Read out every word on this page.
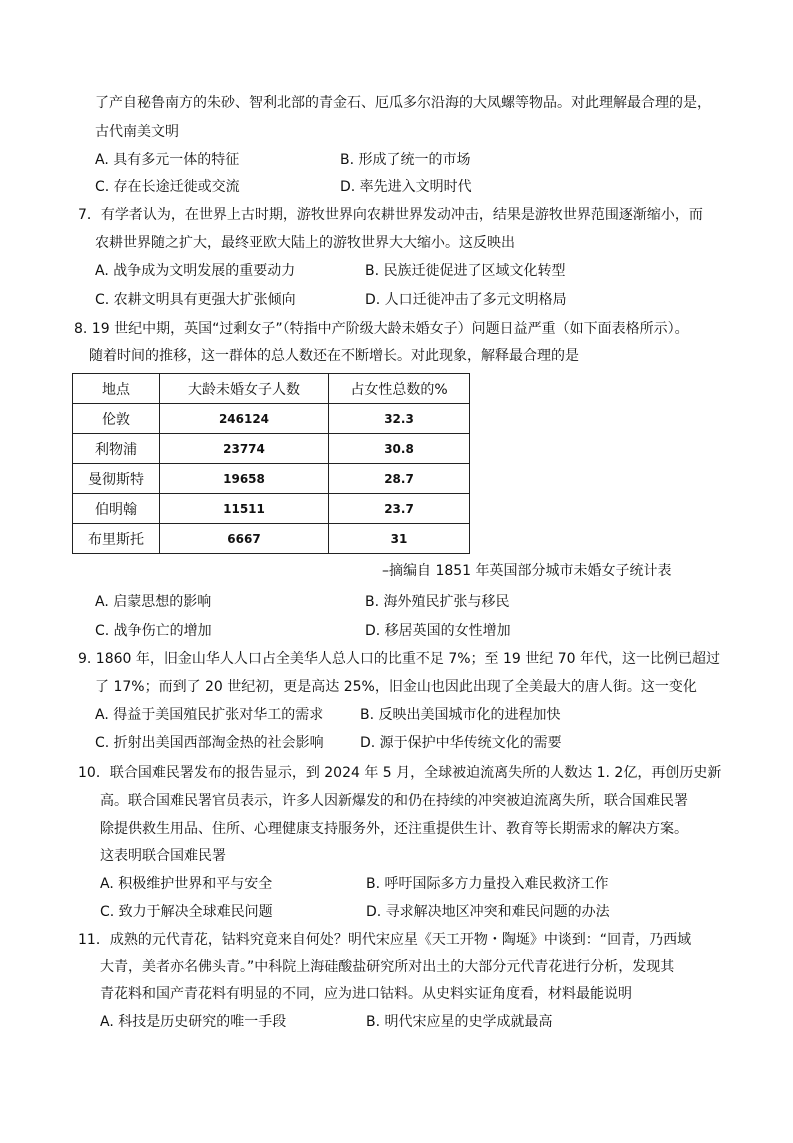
了产自秘鲁南方的朱砂、智利北部的青金石、厄瓜多尔沿海的大凤螺等物品。对此理解最合理的是，
古代南美文明
A. 具有多元一体的特征	B. 形成了统一的市场
C. 存在长途迁徙或交流	D. 率先进入文明时代
7．有学者认为，在世界上古时期，游牧世界向农耕世界发动冲击，结果是游牧世界范围逐渐缩小，而
农耕世界随之扩大，最终亚欧大陆上的游牧世界大大缩小。这反映出
A. 战争成为文明发展的重要动力	B. 民族迁徙促进了区域文化转型
C. 农耕文明具有更强大扩张倾向	D. 人口迁徙冲击了多元文明格局
8. 19 世纪中期，英国“过剩女子”（特指中产阶级大龄未婚女子）问题日益严重（如下面表格所示）。
随着时间的推移，这一群体的总人数还在不断增长。对此现象，解释最合理的是
地点	大龄未婚女子人数	占女性总数的%
伦敦	246124	32.3
利物浦	23774	30.8
曼彻斯特	19658	28.7
伯明翰	11511	23.7
布里斯托	6667	31
–摘编自 1851 年英国部分城市未婚女子统计表
A. 启蒙思想的影响	B. 海外殖民扩张与移民
C. 战争伤亡的增加	D. 移居英国的女性增加
9. 1860 年，旧金山华人人口占全美华人总人口的比重不足 7%；至 19 世纪 70 年代，这一比例已超过
了 17%；而到了 20 世纪初，更是高达 25%，旧金山也因此出现了全美最大的唐人街。这一变化
A. 得益于美国殖民扩张对华工的需求	B. 反映出美国城市化的进程加快
C. 折射出美国西部淘金热的社会影响	D. 源于保护中华传统文化的需要
10．联合国难民署发布的报告显示，到 2024 年 5 月，全球被迫流离失所的人数达 1. 2亿，再创历史新
高。联合国难民署官员表示，许多人因新爆发的和仍在持续的冲突被迫流离失所，联合国难民署
除提供救生用品、住所、心理健康支持服务外，还注重提供生计、教育等长期需求的解决方案。
这表明联合国难民署
A. 积极维护世界和平与安全	B. 呼吁国际多方力量投入难民救济工作
C. 致力于解决全球难民问题	D. 寻求解决地区冲突和难民问题的办法
11．成熟的元代青花，钴料究竟来自何处？明代宋应星《天工开物・陶埏》中谈到：“回青，乃西域
大青，美者亦名佛头青。”中科院上海硅酸盐研究所对出土的大部分元代青花进行分析，发现其
青花料和国产青花料有明显的不同，应为进口钴料。从史料实证角度看，材料最能说明
A. 科技是历史研究的唯一手段	B. 明代宋应星的史学成就最高
